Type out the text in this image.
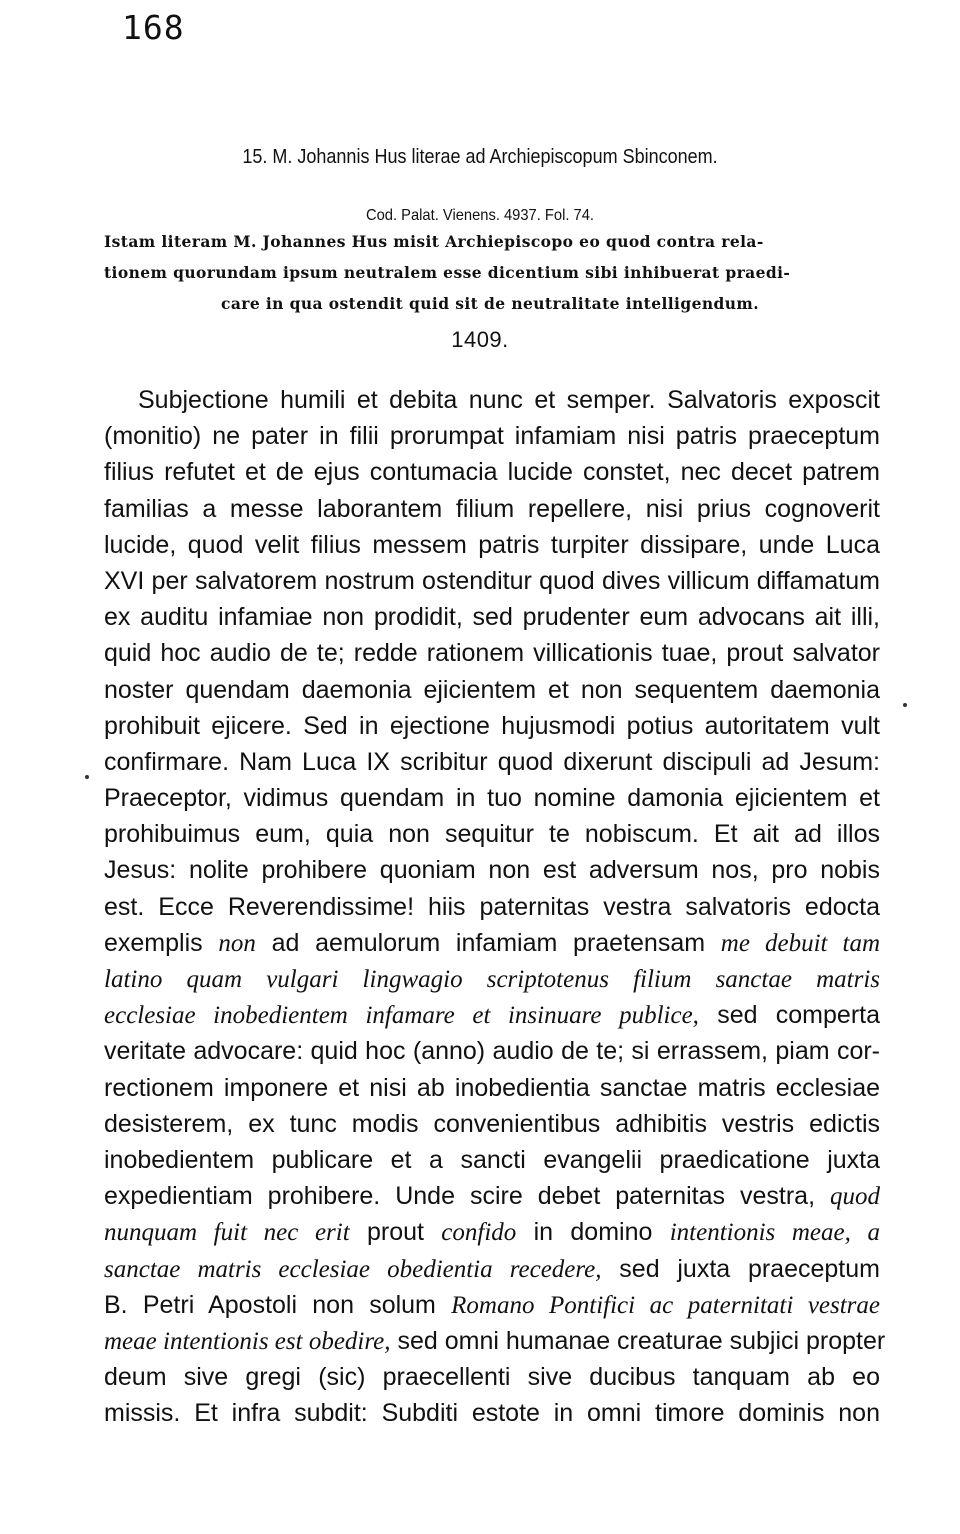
168
15. M. Johannis Hus literae ad Archiepiscopum Sbinconem.
Cod. Palat. Vienens. 4937. Fol. 74.
Istam literam M. Johannes Hus misit Archiepiscopo eo quod contra rela-
tionem quorundam ipsum neutralem esse dicentium sibi inhibuerat praedi-
care in qua ostendit quid sit de neutralitate intelligendum.
1409.
Subjectione humili et debita nunc et semper. Salvatoris exposcit
(monitio) ne pater in filii prorumpat infamiam nisi patris praeceptum
filius refutet et de ejus contumacia lucide constet, nec decet patrem
familias a messe laborantem filium repellere, nisi prius cognoverit
lucide, quod velit filius messem patris turpiter dissipare, unde Luca
XVI per salvatorem nostrum ostenditur quod dives villicum diffamatum
ex auditu infamiae non prodidit, sed prudenter eum advocans ait illi,
quid hoc audio de te; redde rationem villicationis tuae, prout salvator
noster quendam daemonia ejicientem et non sequentem daemonia
prohibuit ejicere. Sed in ejectione hujusmodi potius autoritatem vult
confirmare. Nam Luca IX scribitur quod dixerunt discipuli ad Jesum:
Praeceptor, vidimus quendam in tuo nomine damonia ejicientem et
prohibuimus eum, quia non sequitur te nobiscum. Et ait ad illos
Jesus: nolite prohibere quoniam non est adversum nos, pro nobis
est. Ecce Reverendissime! hiis paternitas vestra salvatoris edocta
exemplis non ad aemulorum infamiam praetensam me debuit tam
latino quam vulgari lingwagio scriptotenus filium sanctae matris
ecclesiae inobedientem infamare et insinuare publice, sed comperta
veritate advocare: quid hoc (anno) audio de te; si errassem, piam cor-
rectionem imponere et nisi ab inobedientia sanctae matris ecclesiae
desisterem, ex tunc modis convenientibus adhibitis vestris edictis
inobedientem publicare et a sancti evangelii praedicatione juxta
expedientiam prohibere. Unde scire debet paternitas vestra, quod
nunquam fuit nec erit prout confido in domino intentionis meae, a
sanctae matris ecclesiae obedientia recedere, sed juxta praeceptum
B. Petri Apostoli non solum Romano Pontifici ac paternitati vestrae
meae intentionis est obedire, sed omni humanae creaturae subjici propter
deum sive gregi (sic) praecellenti sive ducibus tanquam ab eo
missis. Et infra subdit: Subditi estote in omni timore dominis non
